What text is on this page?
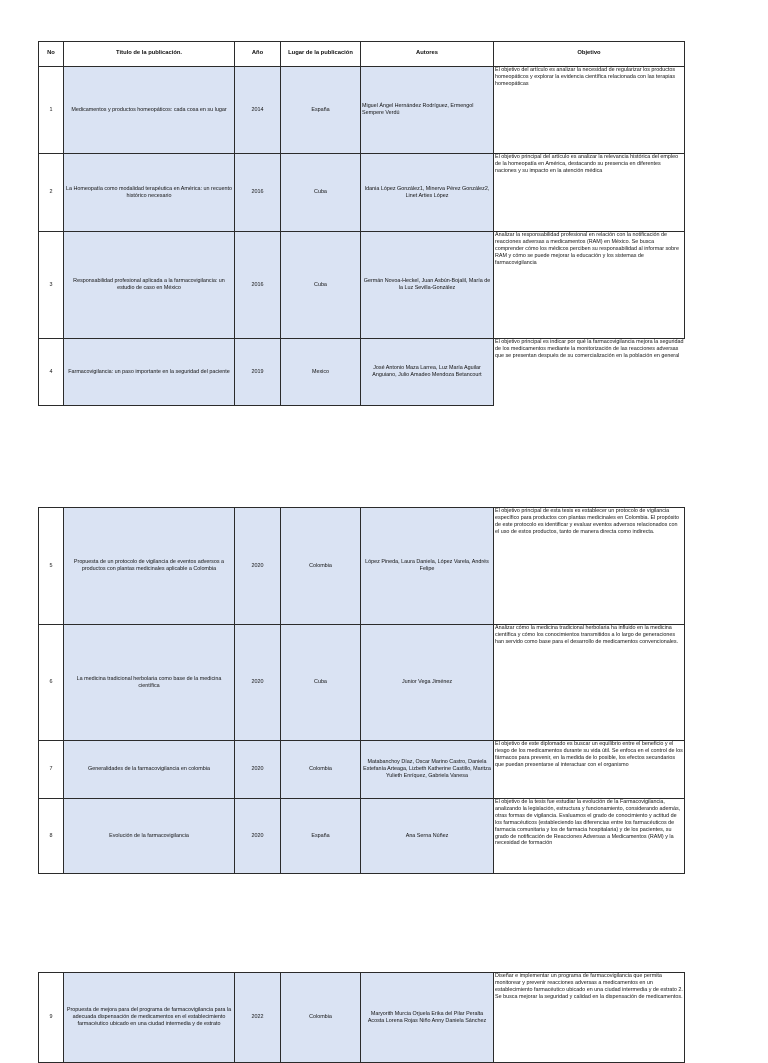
No	Título de la publicación.	Año	Lugar de la publicación	Autores	Objetivo
1	Medicamentos y productos homeopáticos: cada cosa en su lugar	2014	España	Miguel Ángel Hernández Rodríguez, Ermengol Sempere Verdú	El objetivo del artículo es analizar la necesidad de regularizar los productos homeopáticos y explorar la evidencia científica relacionada con las terapias homeopáticas
2	La Homeopatía como modalidad terapéutica en América: un recuento histórico necesario	2016	Cuba	Idania López González1, Minerva Pérez González2, Linet Arties López	El objetivo principal del artículo es analizar la relevancia histórica del empleo de la homeopatía en América, destacando su presencia en diferentes naciones y su impacto en la atención médica
3	Responsabilidad profesional aplicada a la farmacovigilancia: un estudio de caso en México	2016	Cuba	Germán Novoa-Heckel, Juan Asbún-Bojalil, María de la Luz Sevilla-González	Analizar la responsabilidad profesional en relación con la notificación de reacciones adversas a medicamentos (RAM) en México. Se busca comprender cómo los médicos perciben su responsabilidad al informar sobre RAM y cómo se puede mejorar la educación y los sistemas de farmacovigilancia
4	Farmacovigilancia: un paso importante en la seguridad del paciente	2019	Mexico	José Antonio Maza Larrea, Luz María Aguilar Anguiano, Julio Amadeo Mendoza Betancourt	El objetivo principal es indicar por qué la farmacovigilancia mejora la seguridad de los medicamentos mediante la monitorización de las reacciones adversas que se presentan después de su comercialización en la población en general
5	Propuesta de un protocolo de vigilancia de eventos adversos a productos con plantas medicinales aplicable a Colombia	2020	Colombia	López Pineda, Laura Daniela, López Varela, Andrés Felipe	El objetivo principal de esta tesis es establecer un protocolo de vigilancia específico para productos con plantas medicinales en Colombia. El propósito de este protocolo es identificar y evaluar eventos adversos relacionados con el uso de estos productos, tanto de manera directa como indirecta.
6	La medicina tradicional herbolaria como base de la medicina científica	2020	Cuba	Junior Vega Jiménez	Analizar cómo la medicina tradicional herbolaria ha influido en la medicina científica y cómo los conocimientos transmitidos a lo largo de generaciones han servido como base para el desarrollo de medicamentos convencionales.
7	Generalidades de la farmacovigilancia en colombia	2020	Colombia	Matabanchoy Díaz, Oscar Marino Castro, Daniela Estefanía Arteaga, Lizbeth Katherine Castillo, Maritza Yulieth Enríquez, Gabriela Vanesa	El objetivo de este diplomado es buscar un equilibrio entre el beneficio y el riesgo de los medicamentos durante su vida útil. Se enfoca en el control de los fármacos para prevenir, en la medida de lo posible, los efectos secundarios que puedan presentarse al interactuar con el organismo
8	Evolución de la farmacovigilancia	2020	España	Ana Serna Núñez	El objetivo de la tesis fue estudiar la evolución de la Farmacovigilancia, analizando la legislación, estructura y funcionamiento, considerando además, otras formas de vigilancia. Evaluamos el grado de conocimiento y actitud de los farmacéuticos (estableciendo las diferencias entre los farmacéuticos de farmacia comunitaria y los de farmacia hospitalaria) y de los pacientes, su grado de notificación de Reacciones Adversas a Medicamentos (RAM) y la necesidad de formación
9	Propuesta de mejora para del programa de farmacovigilancia para la adecuada dispensación de medicamentos en el establecimiento farmacéutico ubicado en una ciudad intermedia y de estrato	2022	Colombia	Maryorith Murcia Orjuela Erika del Pilar Peralta Acosta Lorena Rojas Niño Anny Daniela Sánchez	Diseñar e implementar un programa de farmacovigilancia que permita monitorear y prevenir reacciones adversas a medicamentos en un establecimiento farmacéutico ubicado en una ciudad intermedia y de estrato 2. Se busca mejorar la seguridad y calidad en la dispensación de medicamentos.
